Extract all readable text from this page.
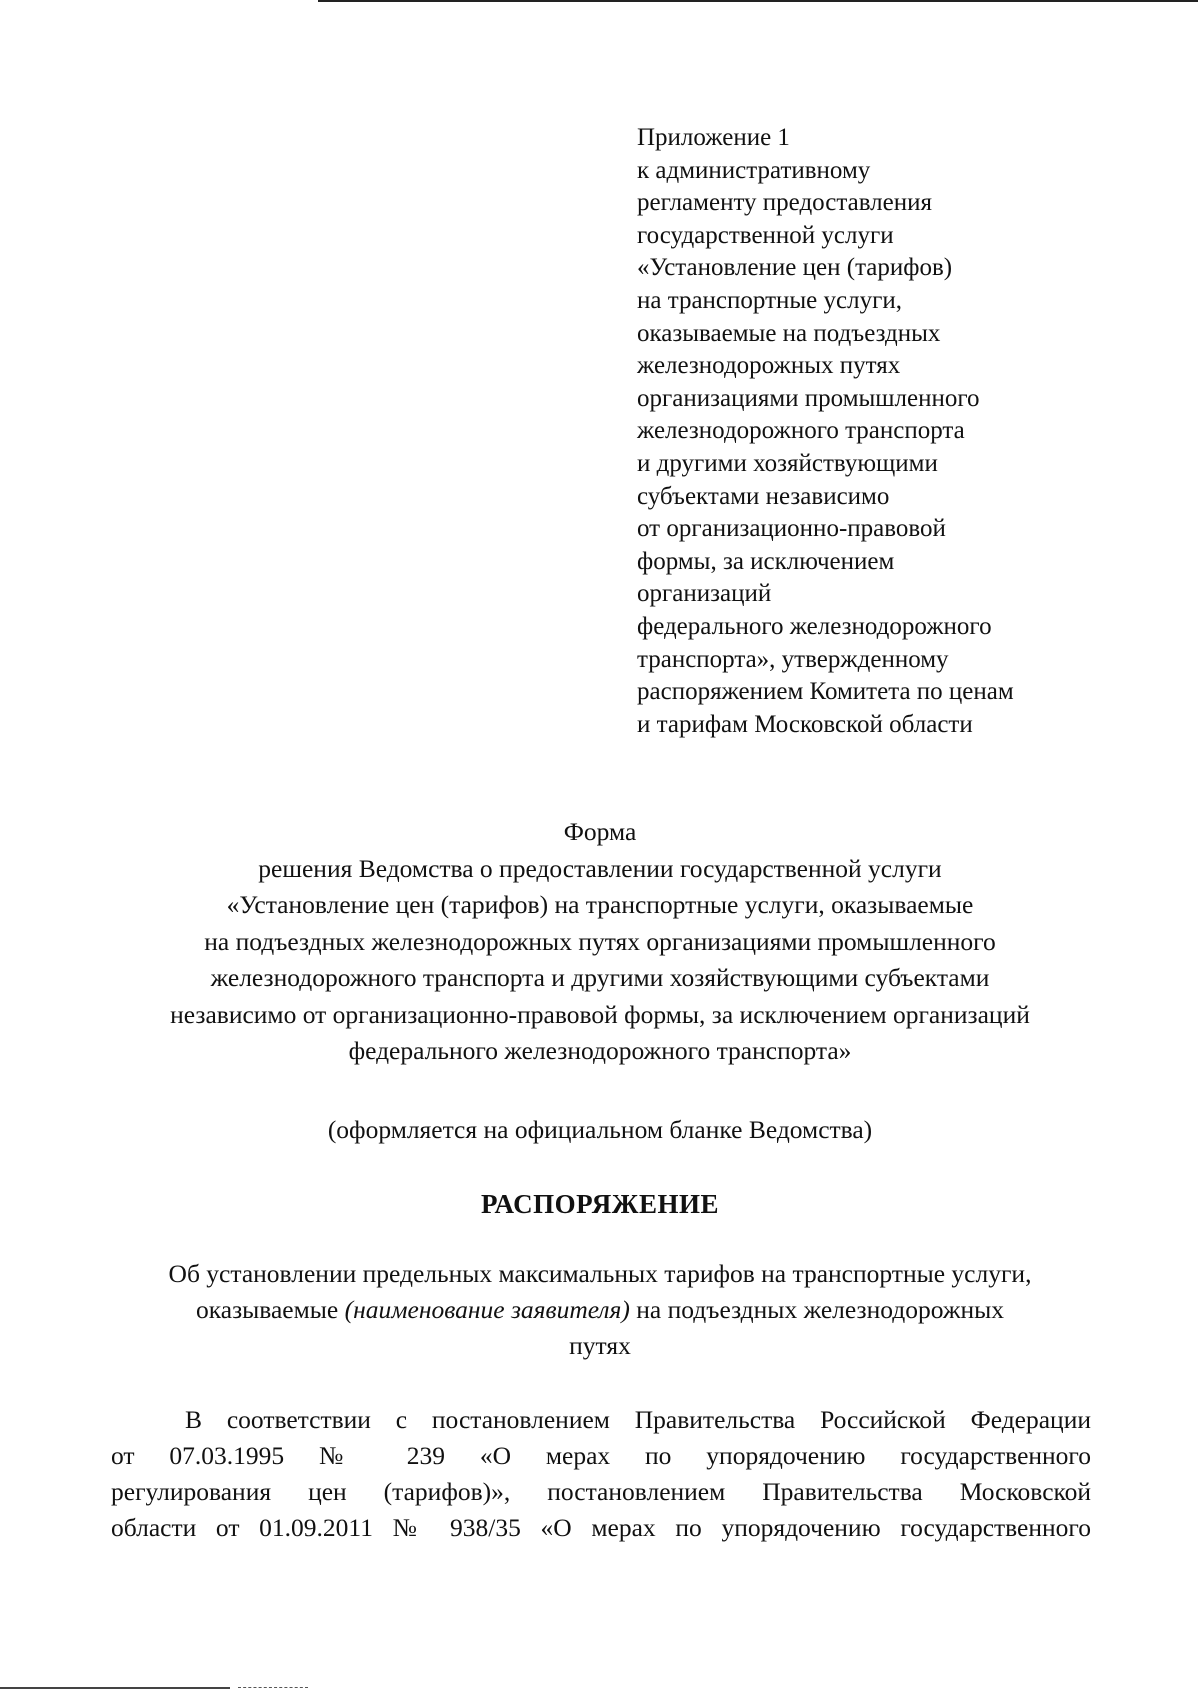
Приложение 1
к административному
регламенту предоставления
государственной услуги
«Установление цен (тарифов)
на транспортные услуги,
оказываемые на подъездных
железнодорожных путях
организациями промышленного
железнодорожного транспорта
и другими хозяйствующими
субъектами независимо
от организационно-правовой
формы, за исключением
организаций
федерального железнодорожного
транспорта», утвержденному
распоряжением Комитета по ценам
и тарифам Московской области
Форма
решения Ведомства о предоставлении государственной услуги
«Установление цен (тарифов) на транспортные услуги, оказываемые
на подъездных железнодорожных путях организациями промышленного
железнодорожного транспорта и другими хозяйствующими субъектами
независимо от организационно-правовой формы, за исключением организаций
федерального железнодорожного транспорта»
(оформляется на официальном бланке Ведомства)
РАСПОРЯЖЕНИЕ
Об установлении предельных максимальных тарифов на транспортные услуги,
оказываемые (наименование заявителя) на подъездных железнодорожных
путях
В соответствии с постановлением Правительства Российской Федерации
от 07.03.1995 № 239 «О мерах по упорядочению государственного
регулирования цен (тарифов)», постановлением Правительства Московской
области от 01.09.2011 № 938/35 «О мерах по упорядочению государственного
